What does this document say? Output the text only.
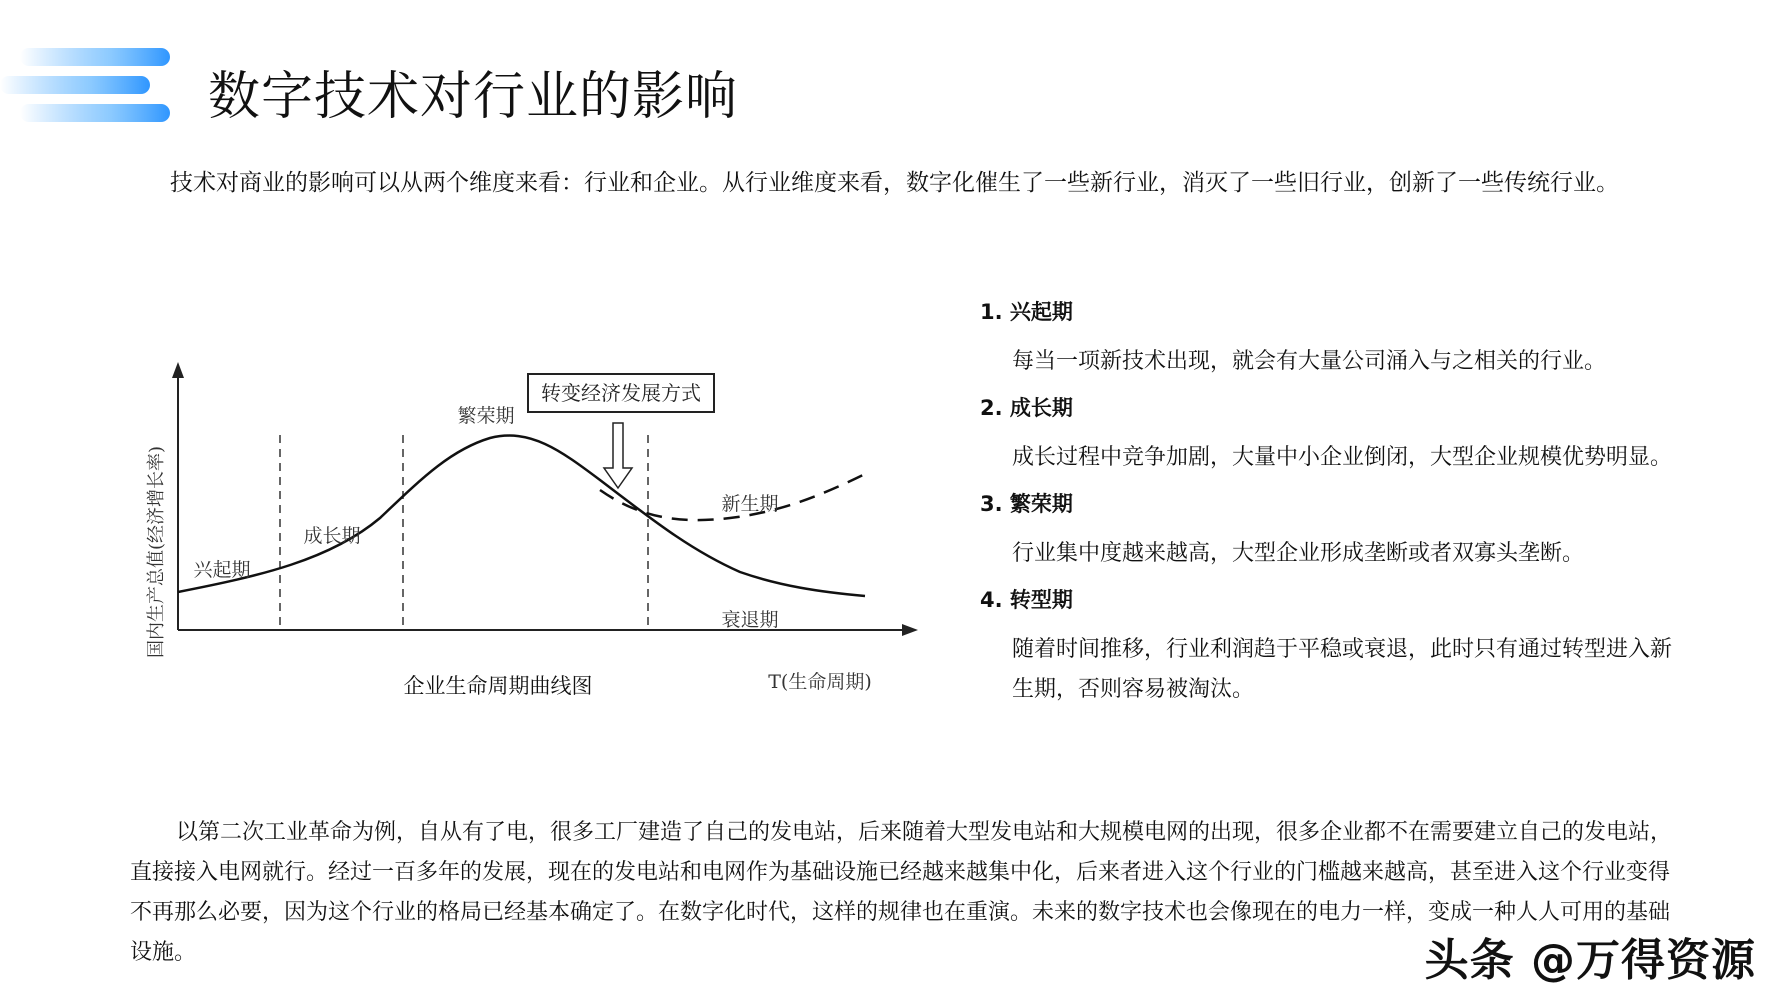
数字技术对行业的影响
技术对商业的影响可以从两个维度来看：行业和企业。从行业维度来看，数字化催生了一些新行业，消灭了一些旧行业，创新了一些传统行业。
转变经济发展方式
兴起期
成长期
繁荣期
新生期
衰退期
国内生产总值(经济增长率)
T(生命周期)
企业生命周期曲线图

1. 兴起期

每当一项新技术出现，就会有大量公司涌入与之相关的行业。

2. 成长期

成长过程中竞争加剧，大量中小企业倒闭，大型企业规模优势明显。

3. 繁荣期

行业集中度越来越高，大型企业形成垄断或者双寡头垄断。

4. 转型期

随着时间推移，行业利润趋于平稳或衰退，此时只有通过转型进入新生期，否则容易被淘汰。

以第二次工业革命为例，自从有了电，很多工厂建造了自己的发电站，后来随着大型发电站和大规模电网的出现，很多企业都不在需要建立自己的发电站，直接接入电网就行。经过一百多年的发展，现在的发电站和电网作为基础设施已经越来越集中化，后来者进入这个行业的门槛越来越高，甚至进入这个行业变得不再那么必要，因为这个行业的格局已经基本确定了。在数字化时代，这样的规律也在重演。未来的数字技术也会像现在的电力一样，变成一种人人可用的基础设施。	头条 @万得资源
